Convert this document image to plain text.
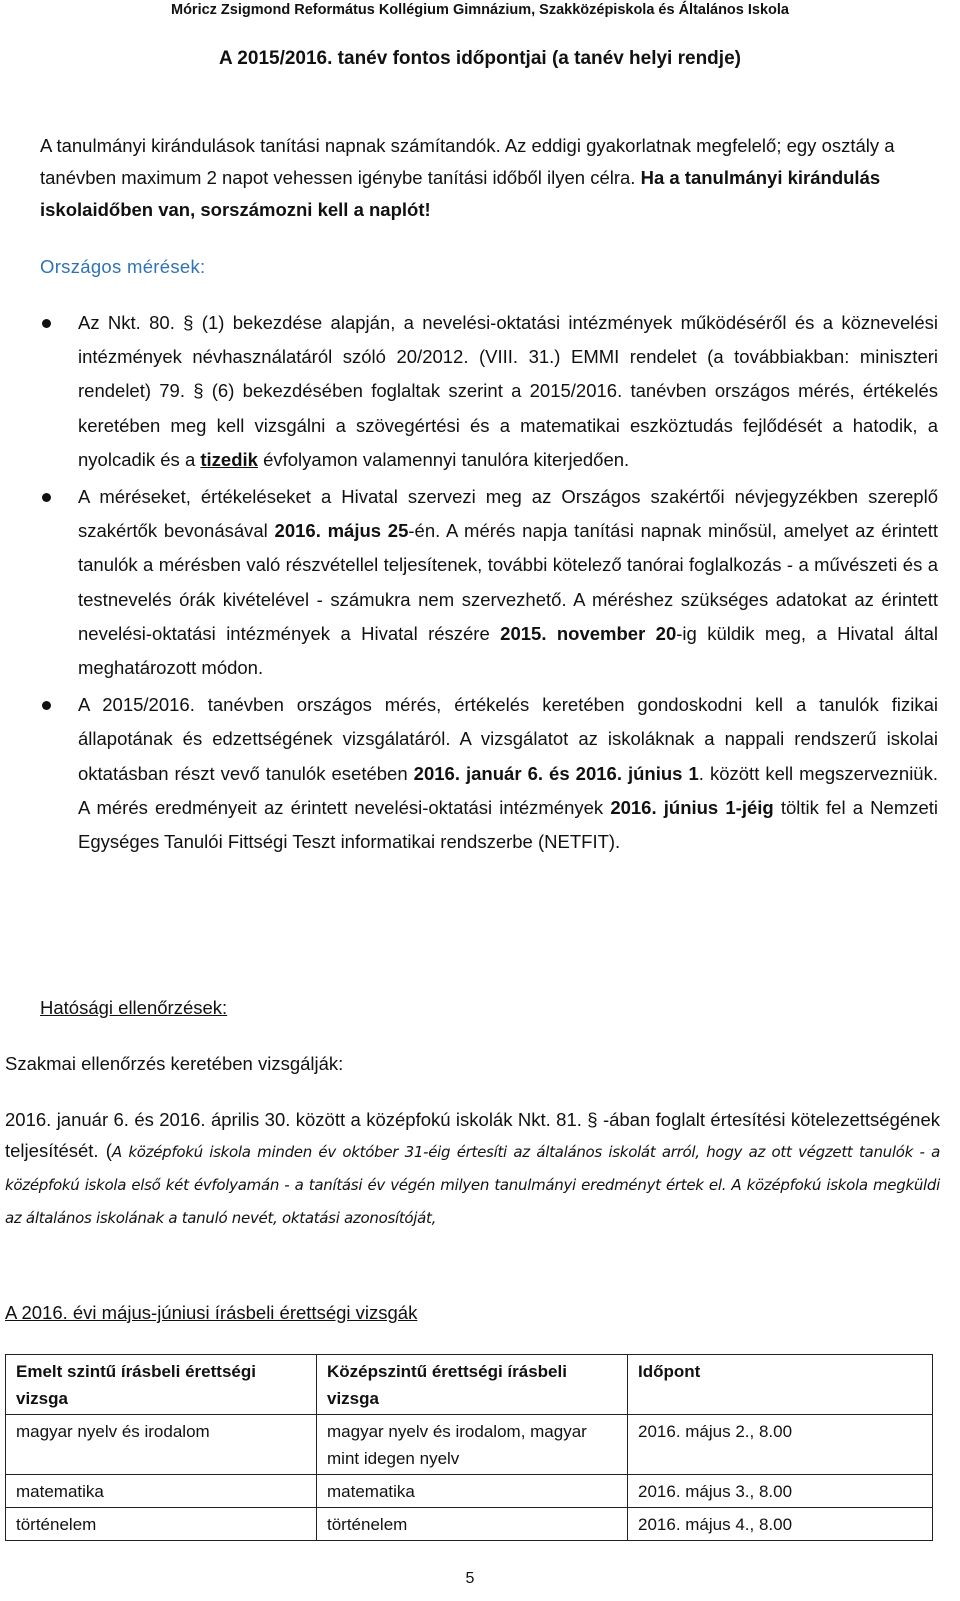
Móricz Zsigmond Református Kollégium Gimnázium, Szakközépiskola és Általános Iskola
A 2015/2016. tanév fontos időpontjai (a tanév helyi rendje)
A tanulmányi kirándulások tanítási napnak számítandók. Az eddigi gyakorlatnak megfelelő; egy osztály a tanévben maximum 2 napot vehessen igénybe tanítási időből ilyen célra. Ha a tanulmányi kirándulás iskolaidőben van, sorszámozni kell a naplót!
Országos mérések:
Az Nkt. 80. § (1) bekezdése alapján, a nevelési-oktatási intézmények működéséről és a köznevelési intézmények névhasználatáról szóló 20/2012. (VIII. 31.) EMMI rendelet (a továbbiakban: miniszteri rendelet) 79. § (6) bekezdésében foglaltak szerint a 2015/2016. tanévben országos mérés, értékelés keretében meg kell vizsgálni a szövegértési és a matematikai eszköztudás fejlődését a hatodik, a nyolcadik és a tizedik évfolyamon valamennyi tanulóra kiterjedően.
A méréseket, értékeléseket a Hivatal szervezi meg az Országos szakértői névjegyzékben szereplő szakértők bevonásával 2016. május 25-én. A mérés napja tanítási napnak minősül, amelyet az érintett tanulók a mérésben való részvétellel teljesítenek, további kötelező tanórai foglalkozás - a művészeti és a testnevelés órák kivételével - számukra nem szervezhető. A méréshez szükséges adatokat az érintett nevelési-oktatási intézmények a Hivatal részére 2015. november 20-ig küldik meg, a Hivatal által meghatározott módon.
A 2015/2016. tanévben országos mérés, értékelés keretében gondoskodni kell a tanulók fizikai állapotának és edzettségének vizsgálatáról. A vizsgálatot az iskoláknak a nappali rendszerű iskolai oktatásban részt vevő tanulók esetében 2016. január 6. és 2016. június 1. között kell megszervezniük. A mérés eredményeit az érintett nevelési-oktatási intézmények 2016. június 1-jéig töltik fel a Nemzeti Egységes Tanulói Fittségi Teszt informatikai rendszerbe (NETFIT).
Hatósági ellenőrzések:
Szakmai ellenőrzés keretében vizsgálják:
2016. január 6. és 2016. április 30. között a középfokú iskolák Nkt. 81. § -ában foglalt értesítési kötelezettségének teljesítését. (A középfokú iskola minden év október 31-éig értesíti az általános iskolát arról, hogy az ott végzett tanulók - a középfokú iskola első két évfolyamán - a tanítási év végén milyen tanulmányi eredményt értek el. A középfokú iskola megküldi az általános iskolának a tanuló nevét, oktatási azonosítóját,
A 2016. évi május-júniusi írásbeli érettségi vizsgák
Emelt szintű írásbeli érettségi vizsga	Középszintű érettségi írásbeli vizsga	Időpont
magyar nyelv és irodalom	magyar nyelv és irodalom, magyar mint idegen nyelv	2016. május 2., 8.00
matematika	matematika	2016. május 3., 8.00
történelem	történelem	2016. május 4., 8.00
5
